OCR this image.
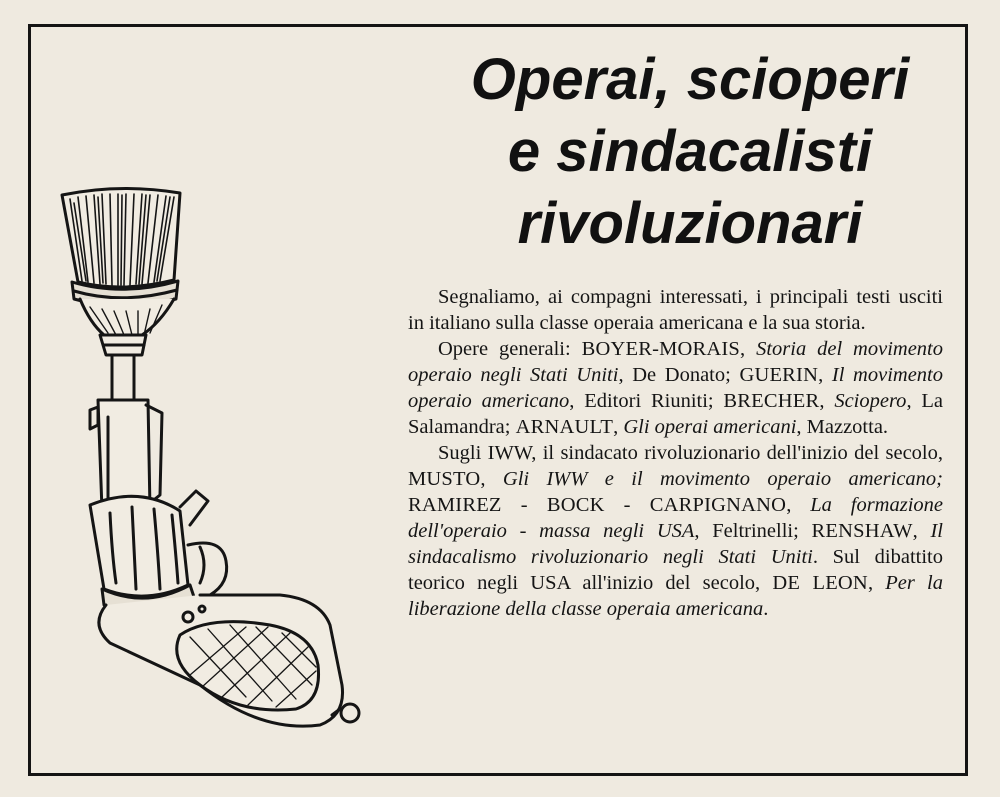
Operai, scioperi
e sindacalisti
rivoluzionari

Segnaliamo, ai compagni interessati, i principali testi usciti in italiano sulla classe operaia americana e la sua storia.

Opere generali: BOYER-MORAIS, Storia del movimento operaio negli Stati Uniti, De Donato; GUERIN, Il movimento operaio americano, Editori Riuniti; BRECHER, Sciopero, La Salamandra; ARNAULT, Gli operai americani, Mazzotta.

Sugli IWW, il sindacato rivoluzionario dell'inizio del secolo, MUSTO, Gli IWW e il movimento operaio americano; RAMIREZ - BOCK - CARPIGNANO, La formazione dell'operaio - massa negli USA, Feltrinelli; RENSHAW, Il sindacalismo rivoluzionario negli Stati Uniti. Sul dibattito teorico negli USA all'inizio del secolo, DE LEON, Per la liberazione della classe operaia americana.
